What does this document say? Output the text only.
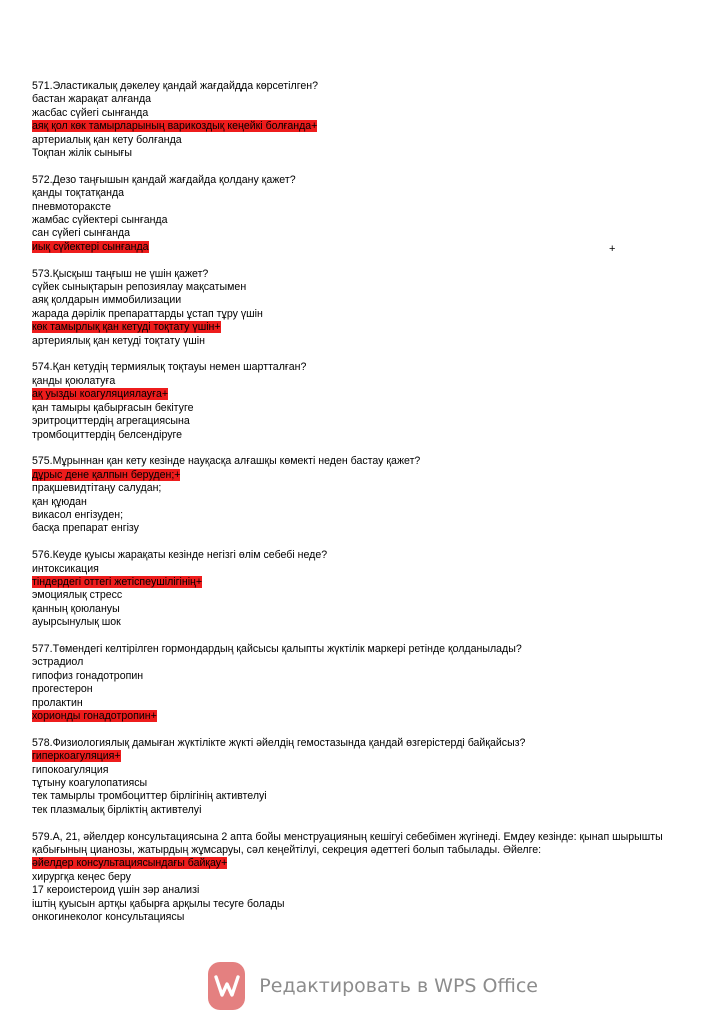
571.Эластикалық дәкелеу қандай жағдайдда көрсетілген?
бастан жарақат алғанда
жасбас сүйегі сынғанда
аяқ қол көк тамырларының варикоздық кеңейкі болғанда+
артериалық қан кету болғанда
Тоқпан жілік сынығы
572.Дезо таңғышын қандай жағдайда қолдану қажет?
қанды тоқтатқанда
пневмотораксте
жамбас сүйектері сынғанда
сан сүйегі сынғанда
иық сүйектері сынғанда
573.Қысқыш таңғыш не үшін қажет?
сүйек сынықтарын репозиялау мақсатымен
аяқ қолдарын иммобилизации
жарада дәрілік препараттарды ұстап тұру үшін
көк тамырлық қан кетуді тоқтату үшін+
артериялық қан кетуді тоқтату үшін
574.Қан кетудің термиялық тоқтауы немен шартталған?
қанды қоюлатуға
ақ уызды коагуляциялауға+
қан тамыры қабырғасын бекітуге
эритроциттердің агрегациясына
тромбоциттердің белсендіруге
575.Мұрыннан қан кету кезінде науқасқа алғашқы көмекті неден бастау қажет?
дұрыс дене қалпын беруден;+
прақшевидтітаңу салудан;
қан құюдан
викасол енгізуден;
басқа препарат енгізу
576.Кеуде қуысы жарақаты кезінде негізгі өлім себебі неде?
интоксикация
тіндердегі оттегі жетіспеушілігінің+
эмоциялық стресс
қанның қоюлануы
ауырсынулық шок
577.Төмендегі келтірілген гормондардың қайсысы қалыпты жүктілік маркері ретінде қолданылады?
эстрадиол
гипофиз гонадотропин
прогестерон
пролактин
хорионды гонадотропин+
578.Физиологиялық дамыған жүктілікте жүкті әйелдің гемостазында қандай өзгерістерді байқайсыз?
гиперкоагуляция+
гипокоагуляция
тұтыну коагулопатиясы
тек тамырлы тромбоциттер бірлігінің активтелуі
тек плазмалық бірліктің активтелуі
579.А, 21, әйелдер консультациясына 2 апта бойы менструацияның кешігуі себебімен жүгінеді. Емдеу кезінде: қынап шырышты қабығының цианозы, жатырдың жұмсаруы, сәл кеңейтілуі, секреция әдеттегі болып табылады. Әйелге:
әйелдер консультациясындағы байқау+
хирургқа кеңес беру
17 кероистероид үшін зәр анализі
іштің қуысын артқы қабырға арқылы тесуге болады
онкогинеколог консультациясы
+
Редактировать в WPS Office
